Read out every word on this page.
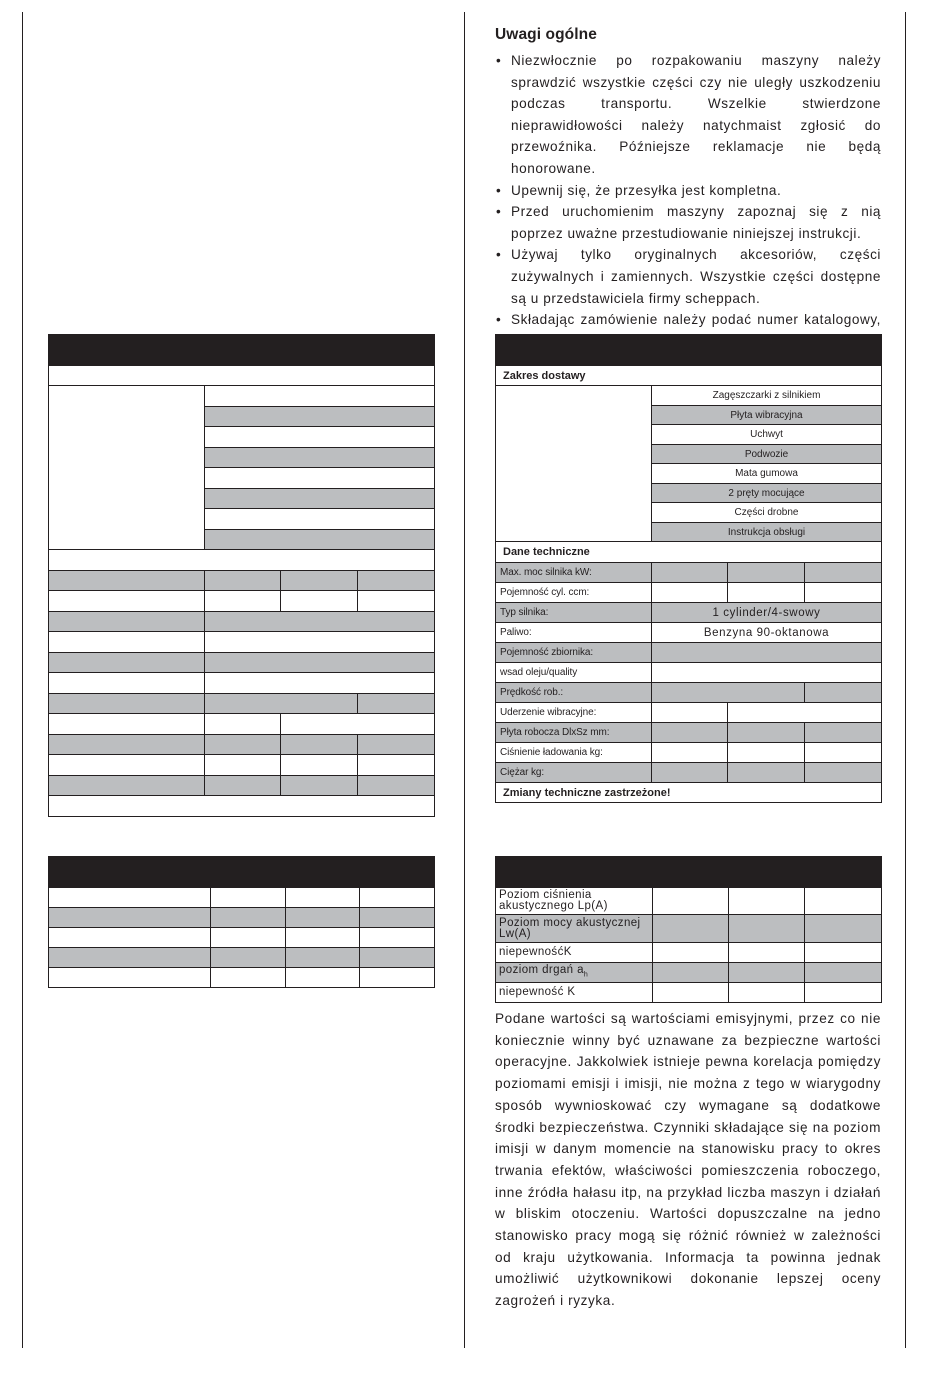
Uwagi ogólne
• Niezwłocznie po rozpakowaniu maszyny należy sprawdzić wszystkie części czy nie uległy uszkodzeniu podczas transportu. Wszelkie stwierdzone nieprawidłowości należy natychmaist zgłosić do przewoźnika. Późniejsze reklamacje nie będą honorowane.
• Upewnij się, że przesyłka jest kompletna.
• Przed uruchomienim maszyny zapoznaj się z nią poprzez uważne przestudiowanie niniejszej instrukcji.
• Używaj tylko oryginalnych akcesoriów, części zużywalnych i zamiennych. Wszystkie części dostępne są u przedstawiciela firmy scheppach.
• Składając zamówienie należy podać numer katalogowy,

Zakres dostawy			
	Zagęszczarki z silnikiem		
	Płyta wibracyjna		
	Uchwyt		
	Podwozie		
	Mata gumowa		
	2 pręty mocujące		
	Części drobne		
	Instrukcja obsługi		
Dane techniczne			
Max. moc silnika kW:			
Pojemność cyl. ccm:			
Typ silnika:	1 cylinder/4-swowy		
Paliwo:	Benzyna 90-oktanowa		
Pojemność zbiornika:			
wsad oleju/quality			
Prędkość rob.:			
Uderzenie wibracyjne:			
Płyta robocza DlxSz mm:			
Ciśnienie ładowania kg:			
Ciężar kg:			
Zmiany techniczne zastrzeżone!			

Poziom ciśnienia akustycznego Lp(A)			
Poziom mocy akustycznej Lw(A)			
niepewnośćK			
poziom drgań $a_h$			
niepewność K			

Podane wartości są wartościami emisyjnymi, przez co nie koniecznie winny być uznawane za bezpieczne wartości operacyjne. Jakkolwiek istnieje pewna korelacja pomiędzy poziomami emisji i imisji, nie można z tego w wiarygodny sposób wywnioskować czy wymagane są dodatkowe środki bezpieczeństwa. Czynniki składające się na poziom imisji w danym momencie na stanowisku pracy to okres trwania efektów, właściwości pomieszczenia roboczego, inne źródła hałasu itp, na przykład liczba maszyn i działań w bliskim otoczeniu. Wartości dopuszczalne na jedno stanowisko pracy mogą się różnić również w zależności od kraju użytkowania. Informacja ta powinna jednak umożliwić użytkownikowi dokonanie lepszej oceny zagrożeń i ryzyka.
